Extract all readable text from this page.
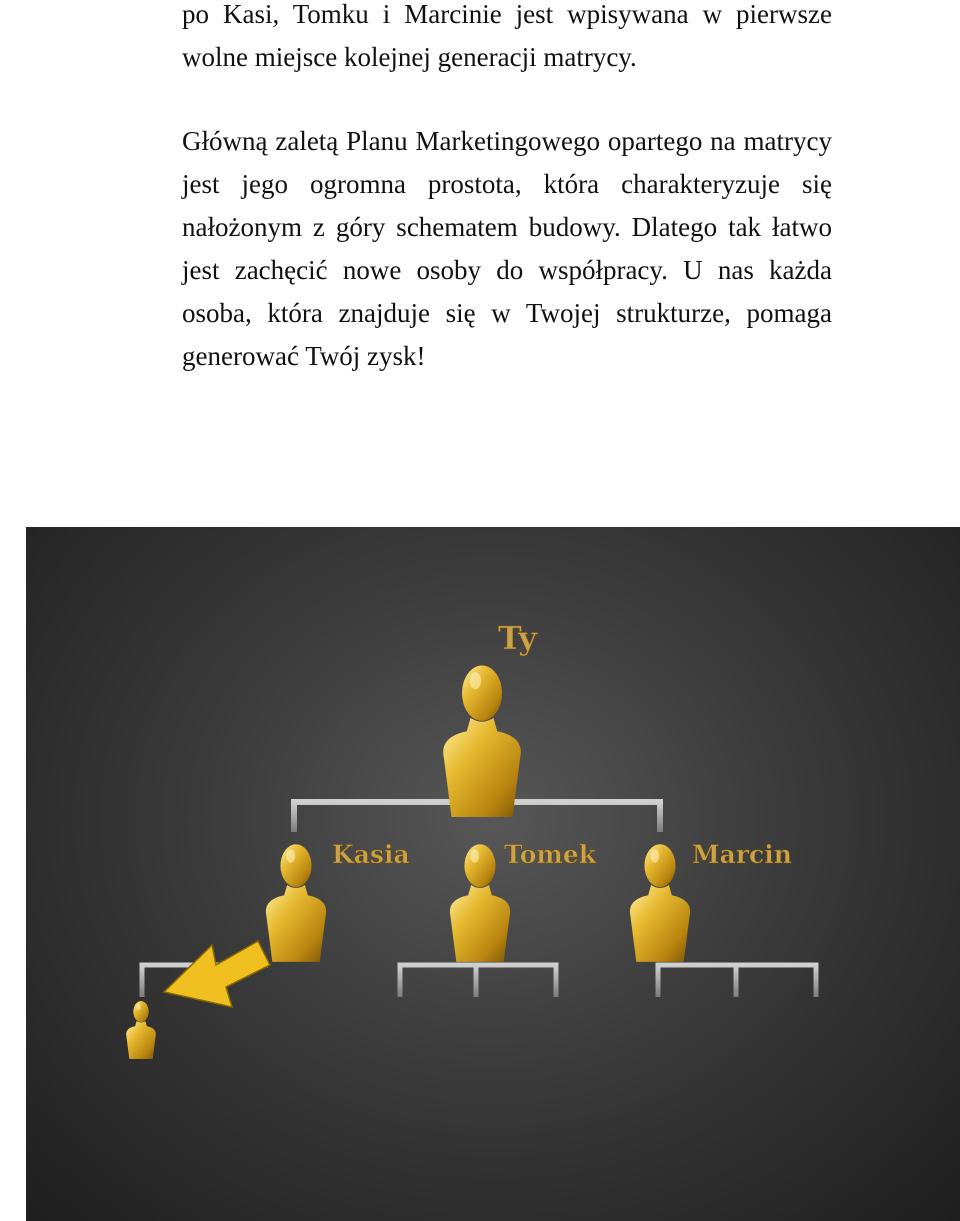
po Kasi, Tomku i Marcinie jest wpisywana w pierwsze wolne miejsce kolejnej generacji matrycy.

Główną zaletą Planu Marketingowego opartego na matrycy jest jego ogromna prostota, która charakteryzuje się nałożonym z góry schematem budowy. Dlatego tak łatwo jest zachęcić nowe osoby do współpracy. U nas każda osoba, która znajduje się w Twojej strukturze, pomaga generować Twój zysk!

Ty
Kasia	Tomek	Marcin
